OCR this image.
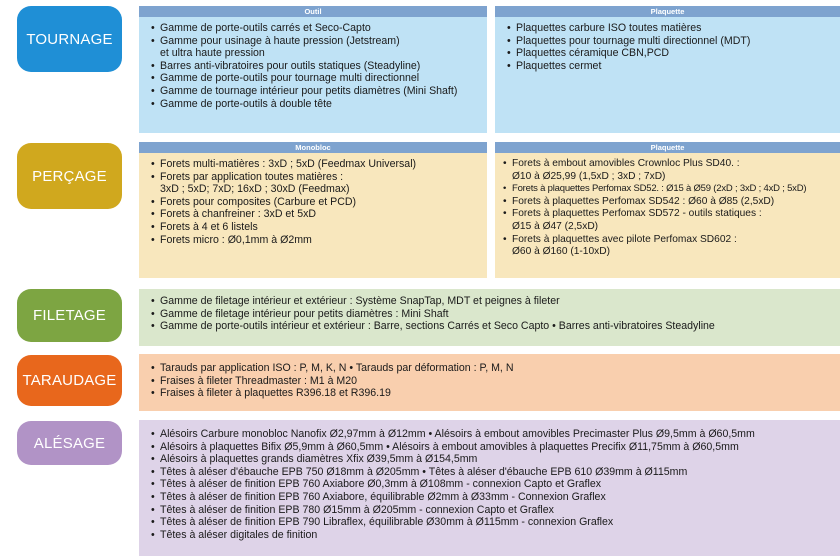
TOURNAGE
Outil
• Gamme de porte-outils carrés et Seco-Capto
• Gamme pour usinage à haute pression (Jetstream)
et ultra haute pression
• Barres anti-vibratoires pour outils statiques (Steadyline)
• Gamme de porte-outils pour tournage multi directionnel
• Gamme de tournage intérieur pour petits diamètres (Mini Shaft)
• Gamme de porte-outils à double tête
Plaquette
• Plaquettes carbure ISO toutes matières
• Plaquettes pour tournage multi directionnel (MDT)
• Plaquettes céramique CBN,PCD
• Plaquettes cermet
PERÇAGE
Monobloc
• Forets multi-matières : 3xD ; 5xD (Feedmax Universal)
• Forets par application toutes matières :
3xD ; 5xD; 7xD; 16xD ; 30xD (Feedmax)
• Forets pour composites (Carbure et PCD)
• Forets à chanfreiner : 3xD et 5xD
• Forets à 4 et 6 listels
• Forets micro : Ø0,1mm à Ø2mm
Plaquette
• Forets à embout amovibles Crownloc Plus SD40. :
Ø10 à Ø25,99 (1,5xD ; 3xD ; 7xD)
• Forets à plaquettes Perfomax SD52. : Ø15 à Ø59 (2xD ; 3xD ; 4xD ; 5xD)
• Forets à plaquettes Perfomax SD542 : Ø60 à Ø85 (2,5xD)
• Forets à plaquettes Perfomax SD572 - outils statiques :
Ø15 à Ø47 (2,5xD)
• Forets à plaquettes avec pilote Perfomax SD602 :
Ø60 à Ø160 (1-10xD)
FILETAGE
• Gamme de filetage intérieur et extérieur : Système SnapTap, MDT et peignes à fileter
• Gamme de filetage intérieur pour petits diamètres : Mini Shaft
• Gamme de porte-outils intérieur et extérieur : Barre, sections Carrés et Seco Capto • Barres anti-vibratoires Steadyline
TARAUDAGE
• Tarauds par application ISO : P, M, K, N • Tarauds par déformation : P, M, N
• Fraises à fileter Threadmaster : M1 à M20
• Fraises à fileter à plaquettes R396.18 et R396.19
ALÉSAGE
• Alésoirs Carbure monobloc Nanofix Ø2,97mm à Ø12mm • Alésoirs à embout amovibles Precimaster Plus Ø9,5mm à Ø60,5mm
• Alésoirs à plaquettes Bifix Ø5,9mm à Ø60,5mm • Alésoirs à embout amovibles à plaquettes Precifix Ø11,75mm à Ø60,5mm
• Alésoirs à plaquettes grands diamètres Xfix Ø39,5mm à Ø154,5mm
• Têtes à aléser d'ébauche EPB 750 Ø18mm à Ø205mm • Têtes à aléser d'ébauche EPB 610 Ø39mm à Ø115mm
• Têtes à aléser de finition EPB 760 Axiabore Ø0,3mm à Ø108mm - connexion Capto et Graflex
• Têtes à aléser de finition EPB 760 Axiabore, équilibrable Ø2mm à Ø33mm - Connexion Graflex
• Têtes à aléser de finition EPB 780 Ø15mm à Ø205mm - connexion Capto et Graflex
• Têtes à aléser de finition EPB 790 Libraflex, équilibrable Ø30mm à Ø115mm - connexion Graflex
• Têtes à aléser digitales de finition
